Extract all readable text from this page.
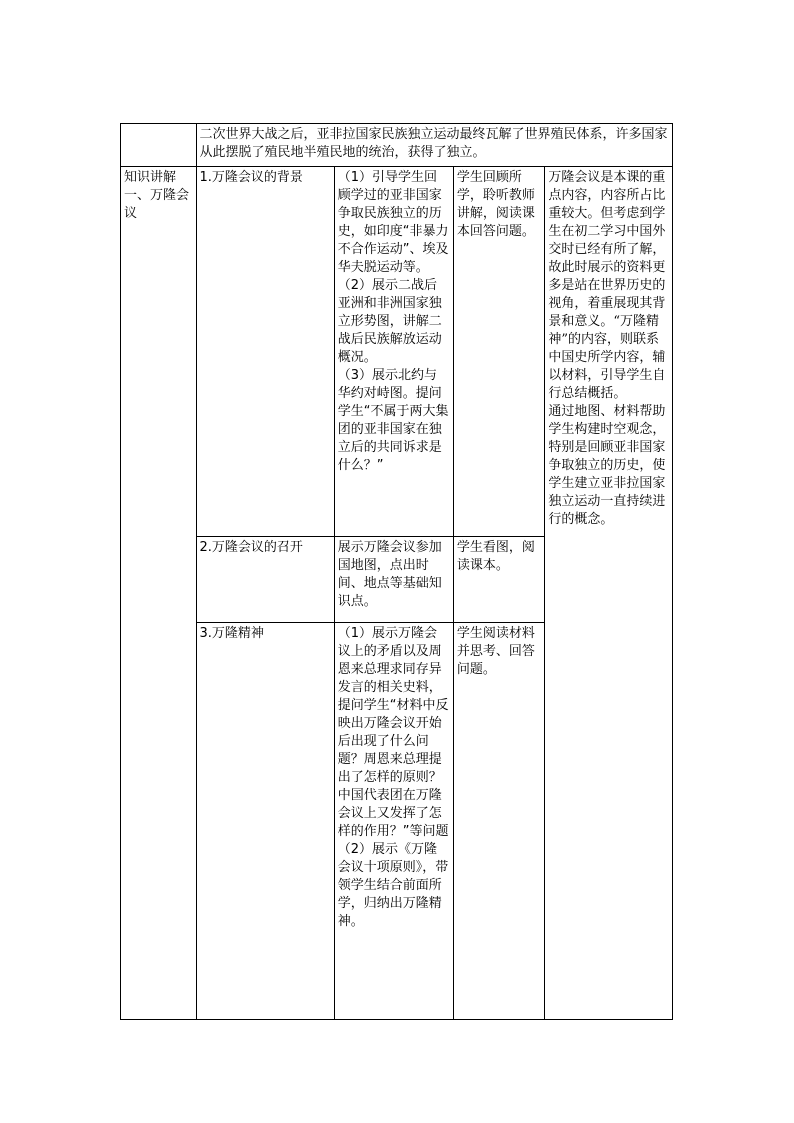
	二次世界大战之后，亚非拉国家民族独立运动最终瓦解了世界殖民体系，许多国家从此摆脱了殖民地半殖民地的统治，获得了独立。			
知识讲解一、万隆会议	1.万隆会议的背景	（1）引导学生回顾学过的亚非国家争取民族独立的历史，如印度“非暴力不合作运动”、埃及华夫脱运动等。
（2）展示二战后亚洲和非洲国家独立形势图，讲解二战后民族解放运动概况。
（3）展示北约与华约对峙图。提问学生“不属于两大集团的亚非国家在独立后的共同诉求是什么？”	学生回顾所学，聆听教师讲解，阅读课本回答问题。	万隆会议是本课的重点内容，内容所占比重较大。但考虑到学生在初二学习中国外交时已经有所了解，故此时展示的资料更多是站在世界历史的视角，着重展现其背景和意义。“万隆精神”的内容，则联系中国史所学内容，辅以材料，引导学生自行总结概括。
通过地图、材料帮助学生构建时空观念，特别是回顾亚非国家争取独立的历史，使学生建立亚非拉国家独立运动一直持续进行的概念。

	2.万隆会议的召开	展示万隆会议参加国地图，点出时间、地点等基础知识点。	学生看图，阅读课本。	
	3.万隆精神	（1）展示万隆会议上的矛盾以及周恩来总理求同存异发言的相关史料，提问学生“材料中反映出万隆会议开始后出现了什么问题？周恩来总理提出了怎样的原则？中国代表团在万隆会议上又发挥了怎样的作用？”等问题
（2）展示《万隆会议十项原则》，带领学生结合前面所学，归纳出万隆精神。	学生阅读材料并思考、回答问题。	
